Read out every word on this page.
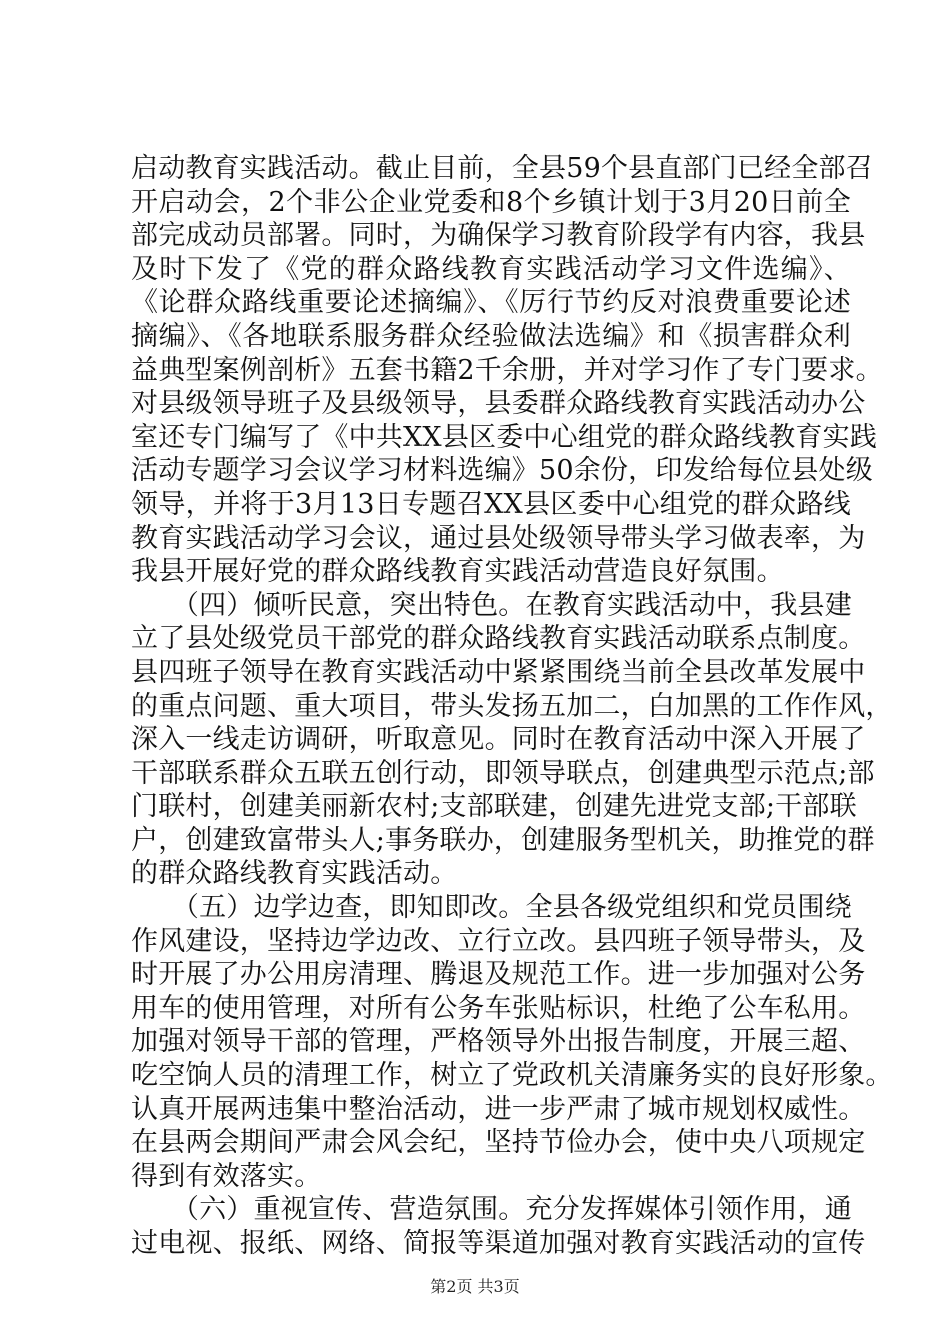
启动教育实践活动。截止目前，全县59个县直部门已经全部召
开启动会，2个非公企业党委和8个乡镇计划于3月20日前全
部完成动员部署。同时，为确保学习教育阶段学有内容，我县
及时下发了《党的群众路线教育实践活动学习文件选编》、
《论群众路线重要论述摘编》、《厉行节约反对浪费重要论述
摘编》、《各地联系服务群众经验做法选编》和《损害群众利
益典型案例剖析》五套书籍2千余册，并对学习作了专门要求。
对县级领导班子及县级领导，县委群众路线教育实践活动办公
室还专门编写了《中共XX县区委中心组党的群众路线教育实践
活动专题学习会议学习材料选编》50余份，印发给每位县处级
领导，并将于3月13日专题召XX县区委中心组党的群众路线
教育实践活动学习会议，通过县处级领导带头学习做表率，为
我县开展好党的群众路线教育实践活动营造良好氛围。
　　（四）倾听民意，突出特色。在教育实践活动中，我县建
立了县处级党员干部党的群众路线教育实践活动联系点制度。
县四班子领导在教育实践活动中紧紧围绕当前全县改革发展中
的重点问题、重大项目，带头发扬五加二，白加黑的工作作风，
深入一线走访调研，听取意见。同时在教育活动中深入开展了
干部联系群众五联五创行动，即领导联点，创建典型示范点;部
门联村，创建美丽新农村;支部联建，创建先进党支部;干部联
户，创建致富带头人;事务联办，创建服务型机关，助推党的群
的群众路线教育实践活动。
　　（五）边学边查，即知即改。全县各级党组织和党员围绕
作风建设，坚持边学边改、立行立改。县四班子领导带头，及
时开展了办公用房清理、腾退及规范工作。进一步加强对公务
用车的使用管理，对所有公务车张贴标识，杜绝了公车私用。
加强对领导干部的管理，严格领导外出报告制度，开展三超、
吃空饷人员的清理工作，树立了党政机关清廉务实的良好形象。
认真开展两违集中整治活动，进一步严肃了城市规划权威性。
在县两会期间严肃会风会纪，坚持节俭办会，使中央八项规定
得到有效落实。
　　（六）重视宣传、营造氛围。充分发挥媒体引领作用，通
过电视、报纸、网络、简报等渠道加强对教育实践活动的宣传
第2页 共3页
